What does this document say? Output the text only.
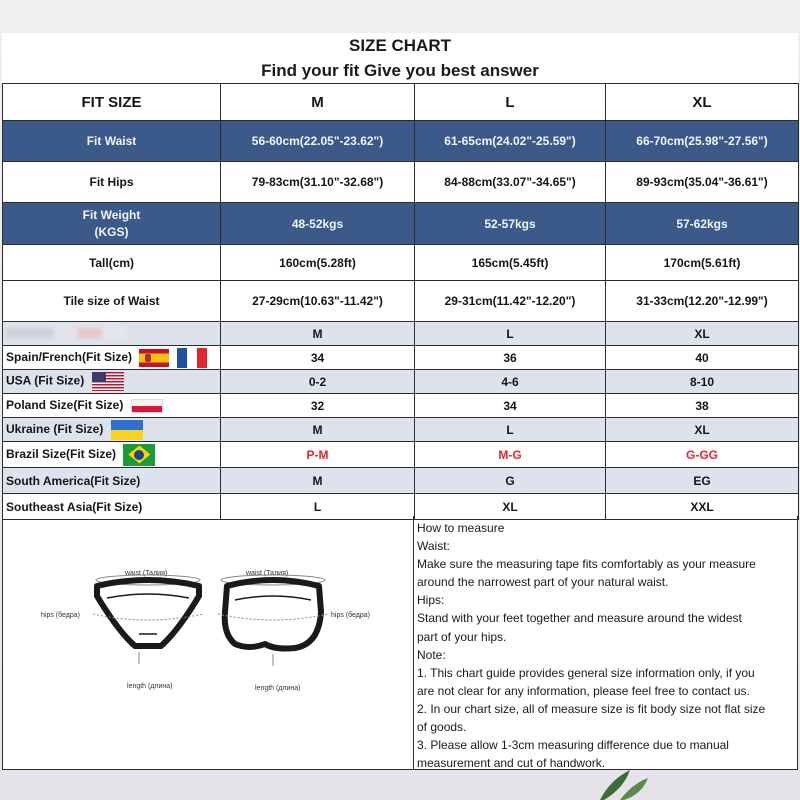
SIZE CHART
Find your fit Give you best answer
FIT SIZE	M	L	XL
Fit Waist	56-60cm(22.05"-23.62")	61-65cm(24.02"-25.59")	66-70cm(25.98"-27.56")
Fit Hips	79-83cm(31.10"-32.68")	84-88cm(33.07"-34.65")	89-93cm(35.04"-36.61")

Fit Weight
(KGS)	48-52kgs	52-57kgs	57-62kgs
Tall(cm)	160cm(5.28ft)	165cm(5.45ft)	170cm(5.61ft)
Tile size of Waist	27-29cm(10.63"-11.42")	29-31cm(11.42"-12.20")	31-33cm(12.20"-12.99")
	M	L	XL
Spain/French(Fit Size)	34	36	40
USA (Fit Size)	0-2	4-6	8-10
Poland Size(Fit Size)	32	34	38
Ukraine (Fit Size)	M	L	XL
Brazil Size(Fit Size)	P-M	M-G	G-GG
South America(Fit Size)	M	G	EG
Southeast Asia(Fit Size)	L	XL	XXL
waist (Талия)	waist (Талия)
hips (бедра)	hips (бедра)
length (длина)	length (длина)
How to measure
Waist:
Make sure the measuring tape fits comfortably as your measure
around the narrowest part of your natural waist.
Hips:
Stand with your feet together and measure around the widest
part of your hips.
Note:
1. This chart guide provides general size information only, if you
are not clear for any information, please feel free to contact us.
2. In our chart size, all of measure size is fit body size not flat size
of goods.
3. Please allow 1-3cm measuring difference due to manual
measurement and cut of handwork.
